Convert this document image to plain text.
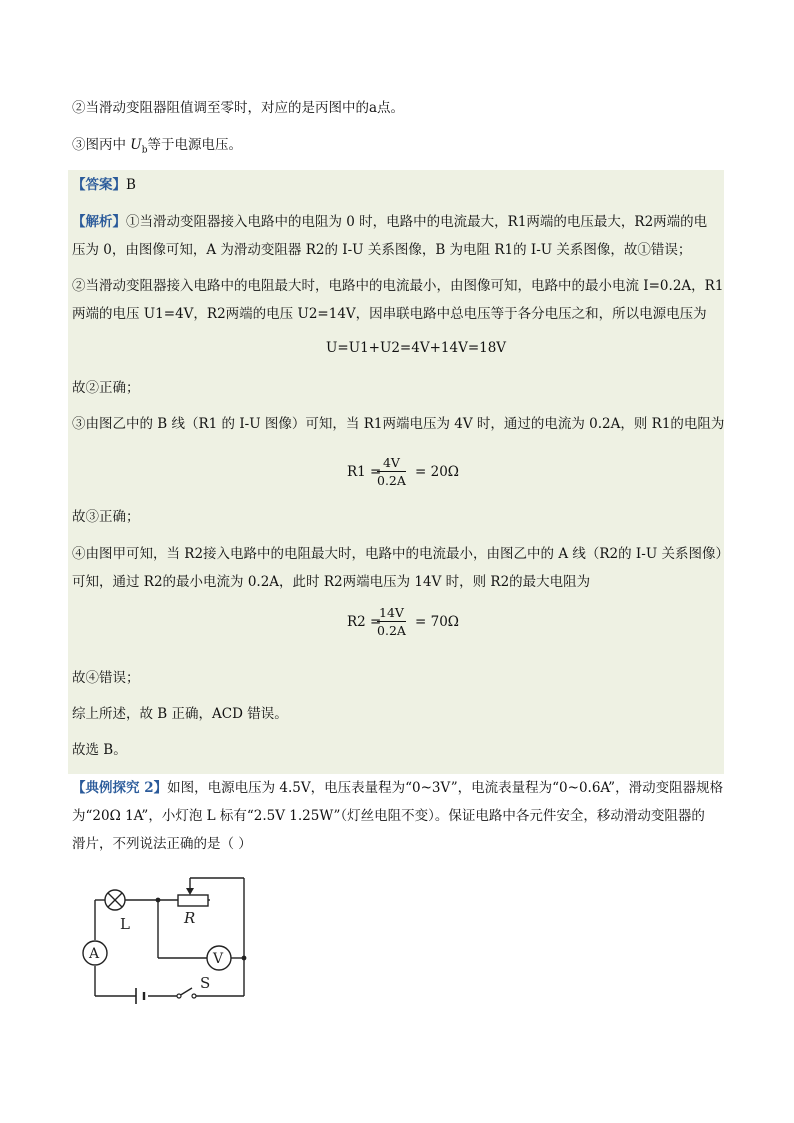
②当滑动变阻器阻值调至零时，对应的是丙图中的a点。
③图丙中 $U_b$等于电源电压。
【答案】B
【解析】①当滑动变阻器接入电路中的电阻为 0 时，电路中的电流最大，R1两端的电压最大，R2两端的电
压为 0，由图像可知，A 为滑动变阻器 R2的 I-U 关系图像，B 为电阻 R1的 I-U 关系图像，故①错误；
②当滑动变阻器接入电路中的电阻最大时，电路中的电流最小，由图像可知，电路中的最小电流 I=0.2A，R1
两端的电压 U1=4V，R2两端的电压 U2=14V，因串联电路中总电压等于各分电压之和，所以电源电压为
U=U1+U2=4V+14V=18V
故②正确；
③由图乙中的 B 线（R1 的 I-U 图像）可知，当 R1两端电压为 4V 时，通过的电流为 0.2A，则 R1的电阻为
R1 =
$\frac{4V}{0.2A} = 20\Omega$
故③正确；
④由图甲可知，当 R2接入电路中的电阻最大时，电路中的电流最小，由图乙中的 A 线（R2的 I-U 关系图像）
可知，通过 R2的最小电流为 0.2A，此时 R2两端电压为 14V 时，则 R2的最大电阻为
R2 =
$\frac{14V}{0.2A} = 70\Omega$
故④错误；
综上所述，故 B 正确，ACD 错误。
故选 B。
【典例探究 2】如图，电源电压为 4.5V，电压表量程为“0~3V”，电流表量程为“0~0.6A”，滑动变阻器规格
为“20Ω 1A”，小灯泡 L 标有“2.5V 1.25W”（灯丝电阻不变）。保证电路中各元件安全，移动滑动变阻器的
滑片，不列说法正确的是（ ）
L	R
A	V
S
